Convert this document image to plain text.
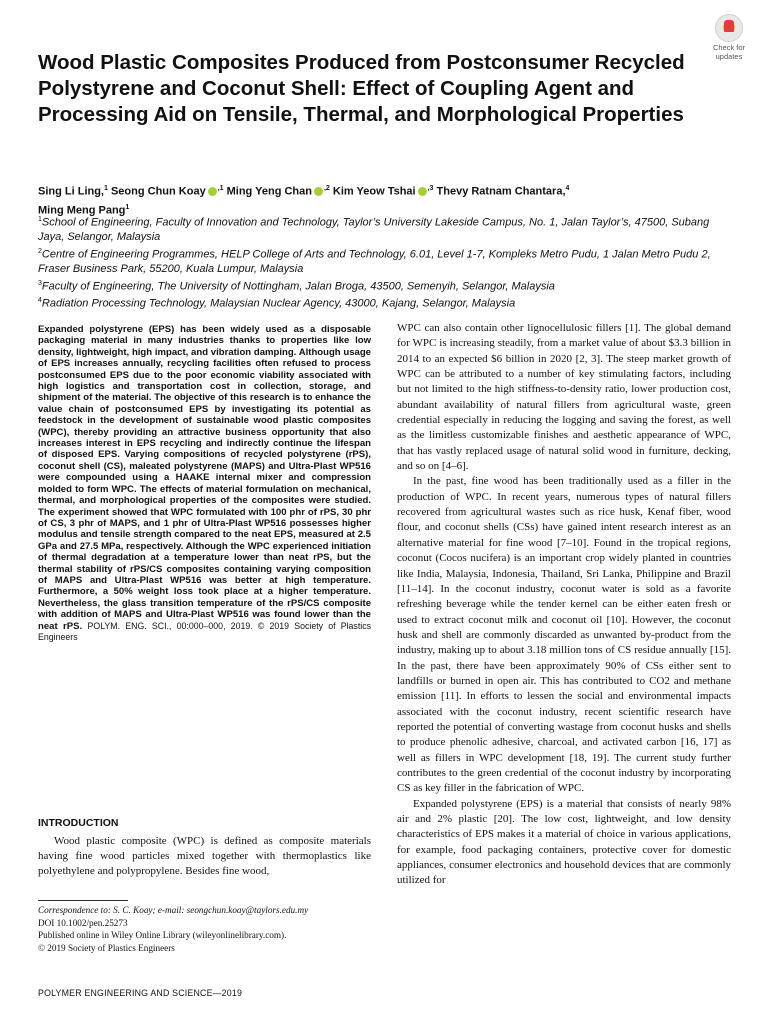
Wood Plastic Composites Produced from Postconsumer Recycled Polystyrene and Coconut Shell: Effect of Coupling Agent and Processing Aid on Tensile, Thermal, and Morphological Properties
Check for
updates
Sing Li Ling,$^1$ Seong Chun Koay $^{,1}$ Ming Yeng Chan $^{,2}$ Kim Yeow Tshai $^{,3}$ Thevy Ratnam Chantara,$^4$
Ming Meng Pang$^1$
$^1$School of Engineering, Faculty of Innovation and Technology, Taylor’s University Lakeside Campus, No. 1, Jalan Taylor’s, 47500, Subang Jaya, Selangor, Malaysia
$^2$Centre of Engineering Programmes, HELP College of Arts and Technology, 6.01, Level 1-7, Kompleks Metro Pudu, 1 Jalan Metro Pudu 2, Fraser Business Park, 55200, Kuala Lumpur, Malaysia
$^3$Faculty of Engineering, The University of Nottingham, Jalan Broga, 43500, Semenyih, Selangor, Malaysia
$^4$Radiation Processing Technology, Malaysian Nuclear Agency, 43000, Kajang, Selangor, Malaysia
Expanded polystyrene (EPS) has been widely used as a disposable packaging material in many industries thanks to properties like low density, lightweight, high impact, and vibration damping. Although usage of EPS increases annually, recycling facilities often refused to process postconsumed EPS due to the poor economic viability associated with high logistics and transportation cost in collection, storage, and shipment of the material. The objective of this research is to enhance the value chain of postconsumed EPS by investigating its potential as feedstock in the development of sustainable wood plastic composites (WPC), thereby providing an attractive business opportunity that also increases interest in EPS recycling and indirectly continue the lifespan of disposed EPS. Varying compositions of recycled polystyrene (rPS), coconut shell (CS), maleated polystyrene (MAPS) and Ultra-Plast WP516 were compounded using a HAAKE internal mixer and compression molded to form WPC. The effects of material formulation on mechanical, thermal, and morphological properties of the composites were studied. The experiment showed that WPC formulated with 100 phr of rPS, 30 phr of CS, 3 phr of MAPS, and 1 phr of Ultra-Plast WP516 possesses higher modulus and tensile strength compared to the neat EPS, measured at 2.5 GPa and 27.5 MPa, respectively. Although the WPC experienced initiation of thermal degradation at a temperature lower than neat rPS, but the thermal stability of rPS/CS composites containing varying composition of MAPS and Ultra-Plast WP516 was better at high temperature. Furthermore, a 50% weight loss took place at a higher temperature. Nevertheless, the glass transition temperature of the rPS/CS composite with addition of MAPS and Ultra-Plast WP516 was found lower than the neat rPS. POLYM. ENG. SCI., 00:000–000, 2019. © 2019 Society of Plastics Engineers
INTRODUCTION
Wood plastic composite (WPC) is defined as composite materials having fine wood particles mixed together with thermoplastics like polyethylene and polypropylene. Besides fine wood,
Correspondence to: S. C. Koay; e-mail: seongchun.koay@taylors.edu.my
DOI 10.1002/pen.25273
Published online in Wiley Online Library (wileyonlinelibrary.com).
© 2019 Society of Plastics Engineers

WPC can also contain other lignocellulosic fillers [1]. The global demand for WPC is increasing steadily, from a market value of about $3.3 billion in 2014 to an expected $6 billion in 2020 [2, 3]. The steep market growth of WPC can be attributed to a number of key stimulating factors, including but not limited to the high stiffness-to-density ratio, lower production cost, abundant availability of natural fillers from agricultural waste, green credential especially in reducing the logging and saving the forest, as well as the limitless customizable finishes and aesthetic appearance of WPC, that has vastly replaced usage of natural solid wood in furniture, decking, and so on [4–6].

In the past, fine wood has been traditionally used as a filler in the production of WPC. In recent years, numerous types of natural fillers recovered from agricultural wastes such as rice husk, Kenaf fiber, wood flour, and coconut shells (CSs) have gained intent research interest as an alternative material for fine wood [7–10]. Found in the tropical regions, coconut (Cocos nucifera) is an important crop widely planted in countries like India, Malaysia, Indonesia, Thailand, Sri Lanka, Philippine and Brazil [11–14]. In the coconut industry, coconut water is sold as a favorite refreshing beverage while the tender kernel can be either eaten fresh or used to extract coconut milk and coconut oil [10]. However, the coconut husk and shell are commonly discarded as unwanted by-product from the industry, making up to about 3.18 million tons of CS residue annually [15]. In the past, there have been approximately 90% of CSs either sent to landfills or burned in open air. This has contributed to CO2 and methane emission [11]. In efforts to lessen the social and environmental impacts associated with the coconut industry, recent scientific research have reported the potential of converting wastage from coconut husks and shells to produce phenolic adhesive, charcoal, and activated carbon [16, 17] as well as fillers in WPC development [18, 19]. The current study further contributes to the green credential of the coconut industry by incorporating CS as key filler in the fabrication of WPC.

Expanded polystyrene (EPS) is a material that consists of nearly 98% air and 2% plastic [20]. The low cost, lightweight, and low density characteristics of EPS makes it a material of choice in various applications, for example, food packaging containers, protective cover for domestic appliances, consumer electronics and household devices that are commonly utilized for

POLYMER ENGINEERING AND SCIENCE—2019
